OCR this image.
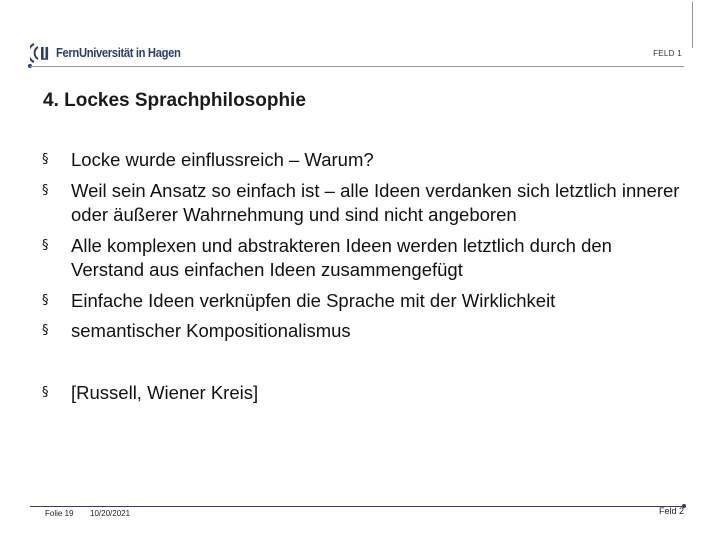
FELD 1
FernUniversität in Hagen
4. Lockes Sprachphilosophie
§ Locke wurde einflussreich – Warum?
§ Weil sein Ansatz so einfach ist – alle Ideen verdanken sich letztlich innerer oder äußerer Wahrnehmung und sind nicht angeboren
§ Alle komplexen und abstrakteren Ideen werden letztlich durch den Verstand aus einfachen Ideen zusammengefügt
§ Einfache Ideen verknüpfen die Sprache mit der Wirklichkeit
§ semantischer Kompositionalismus
§ [Russell, Wiener Kreis]
Folie 19 10/20/2021	Feld 2
